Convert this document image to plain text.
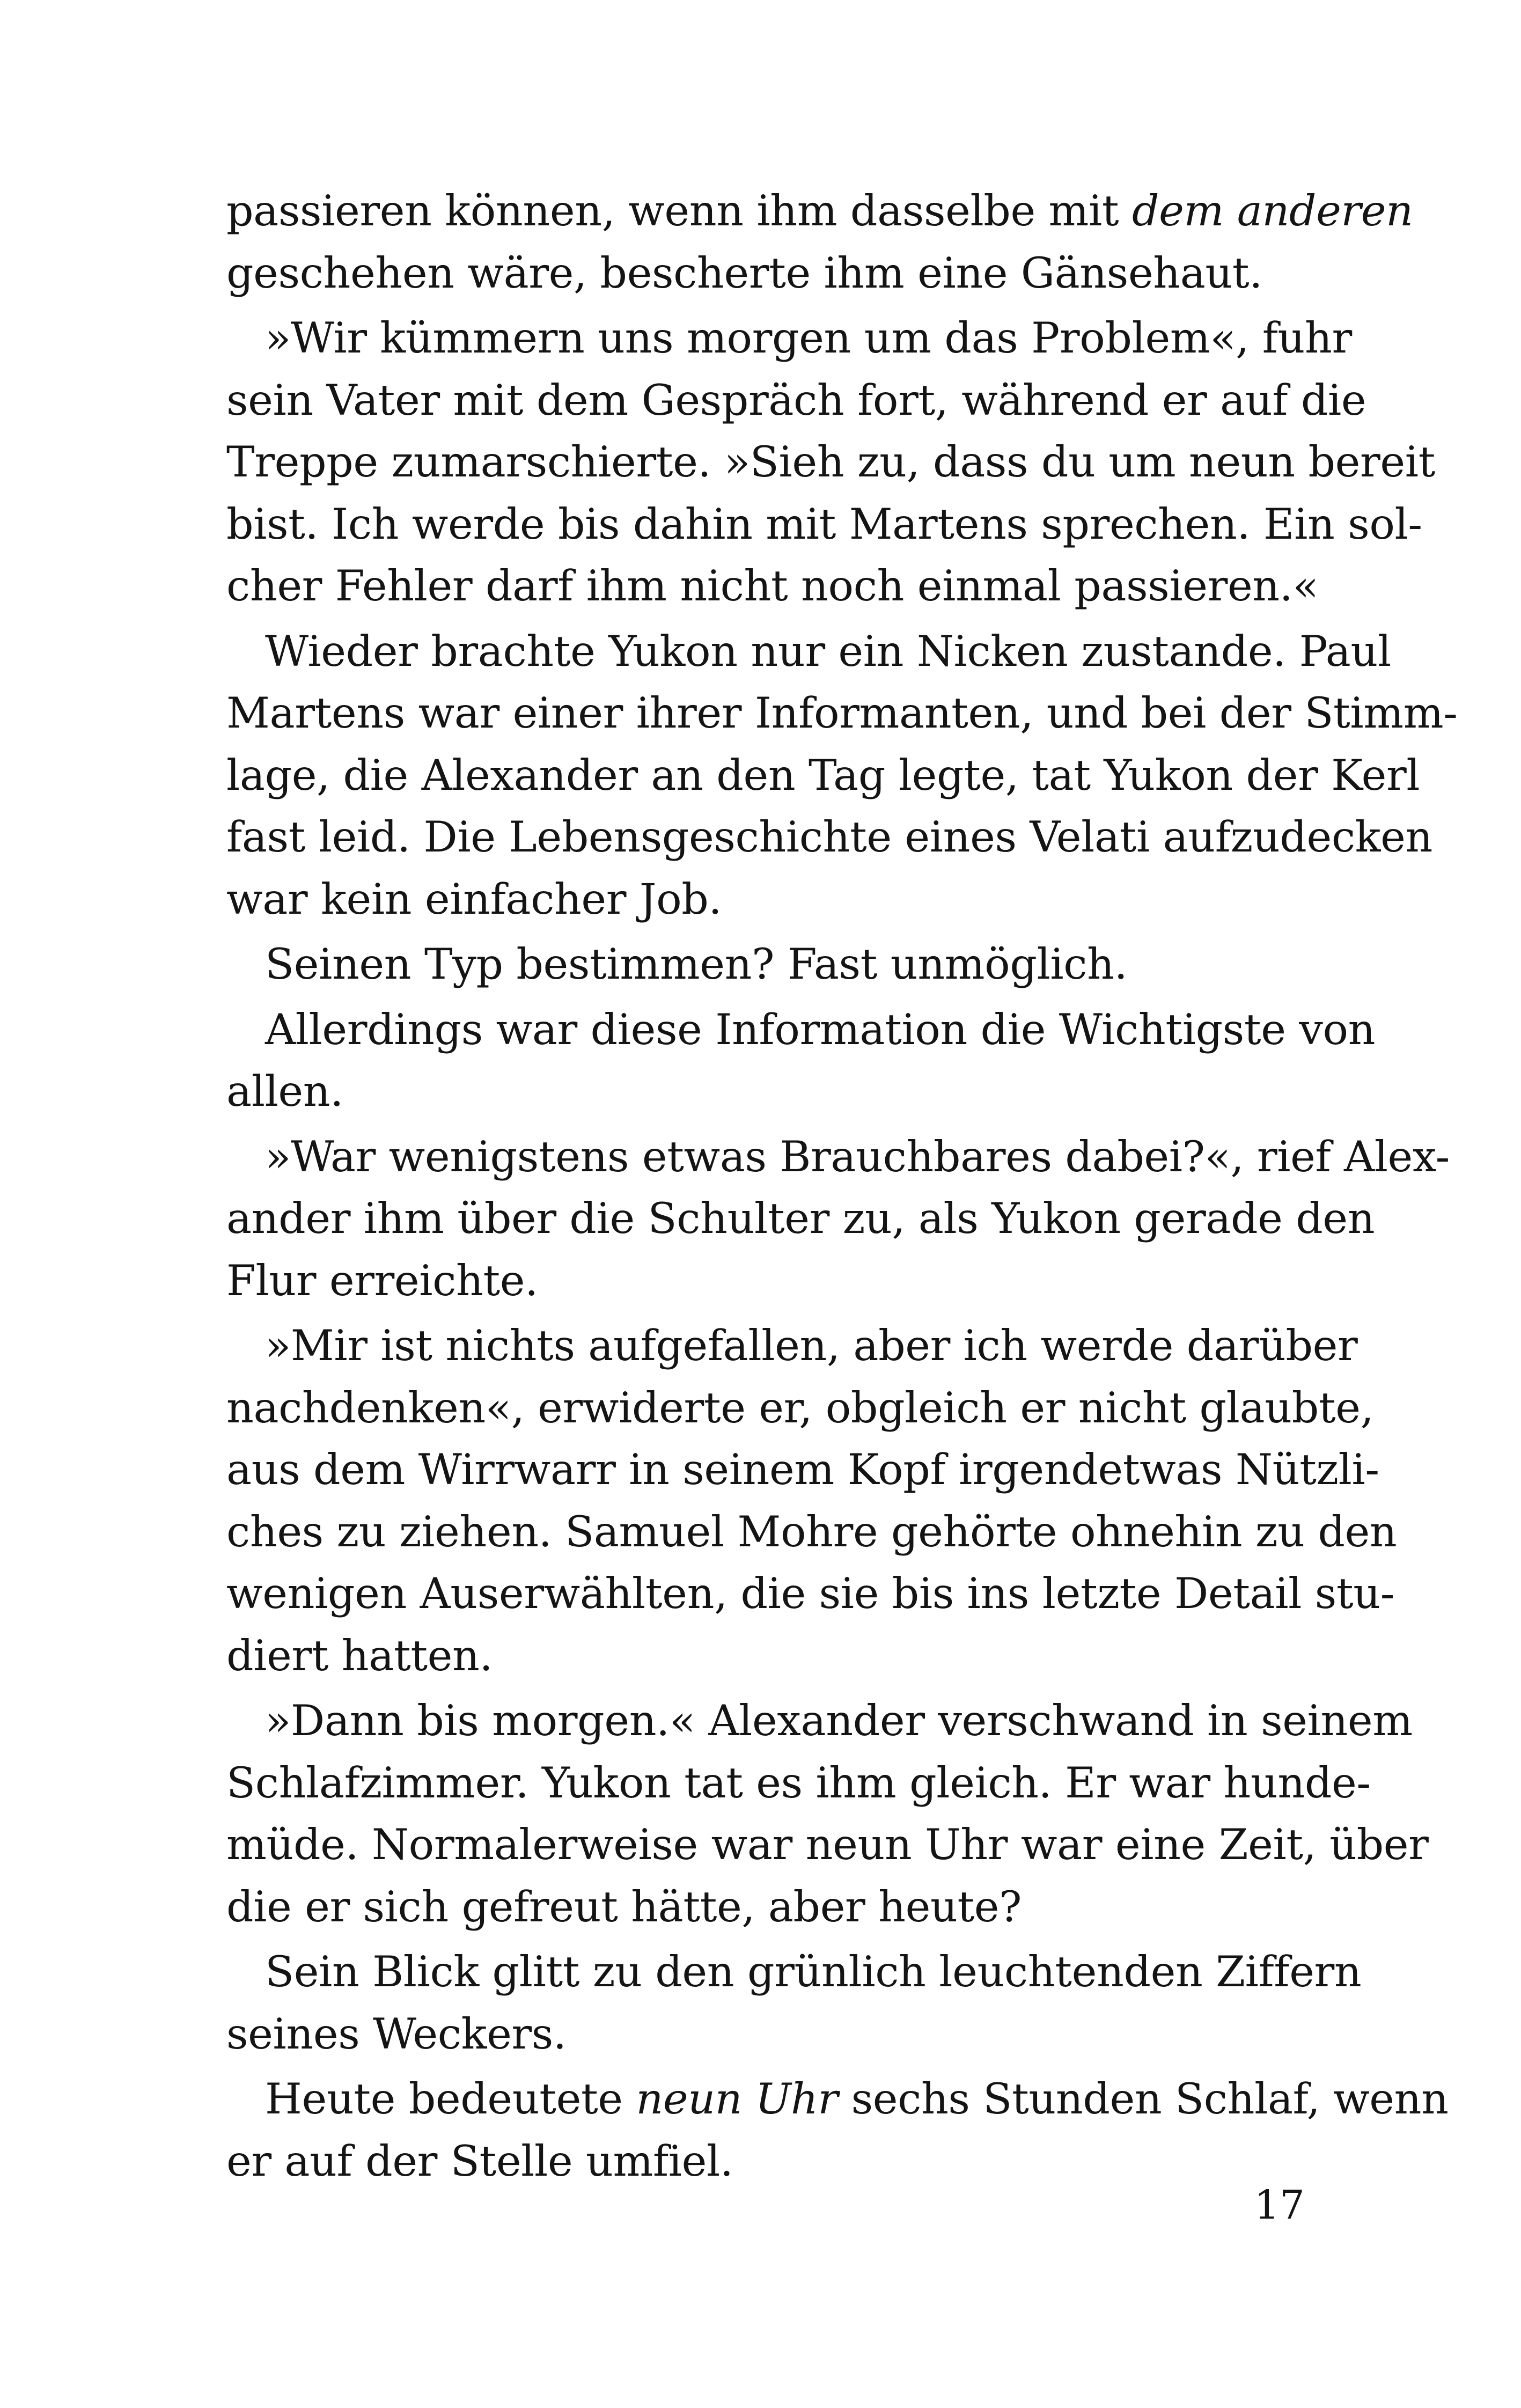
passieren können, wenn ihm dasselbe mit dem anderen
geschehen wäre, bescherte ihm eine Gänsehaut.
»Wir kümmern uns morgen um das Problem«, fuhr
sein Vater mit dem Gespräch fort, während er auf die
Treppe zumarschierte. »Sieh zu, dass du um neun bereit
bist. Ich werde bis dahin mit Martens sprechen. Ein sol-
cher Fehler darf ihm nicht noch einmal passieren.«
Wieder brachte Yukon nur ein Nicken zustande. Paul
Martens war einer ihrer Informanten, und bei der Stimm-
lage, die Alexander an den Tag legte, tat Yukon der Kerl
fast leid. Die Lebensgeschichte eines Velati aufzudecken
war kein einfacher Job.
Seinen Typ bestimmen? Fast unmöglich.
Allerdings war diese Information die Wichtigste von
allen.
»War wenigstens etwas Brauchbares dabei?«, rief Alex-
ander ihm über die Schulter zu, als Yukon gerade den
Flur erreichte.
»Mir ist nichts aufgefallen, aber ich werde darüber
nachdenken«, erwiderte er, obgleich er nicht glaubte,
aus dem Wirrwarr in seinem Kopf irgendetwas Nützli-
ches zu ziehen. Samuel Mohre gehörte ohnehin zu den
wenigen Auserwählten, die sie bis ins letzte Detail stu-
diert hatten.
»Dann bis morgen.« Alexander verschwand in seinem
Schlafzimmer. Yukon tat es ihm gleich. Er war hunde-
müde. Normalerweise war neun Uhr war eine Zeit, über
die er sich gefreut hätte, aber heute?
Sein Blick glitt zu den grünlich leuchtenden Ziffern
seines Weckers.
Heute bedeutete neun Uhr sechs Stunden Schlaf, wenn
er auf der Stelle umfiel.
17
